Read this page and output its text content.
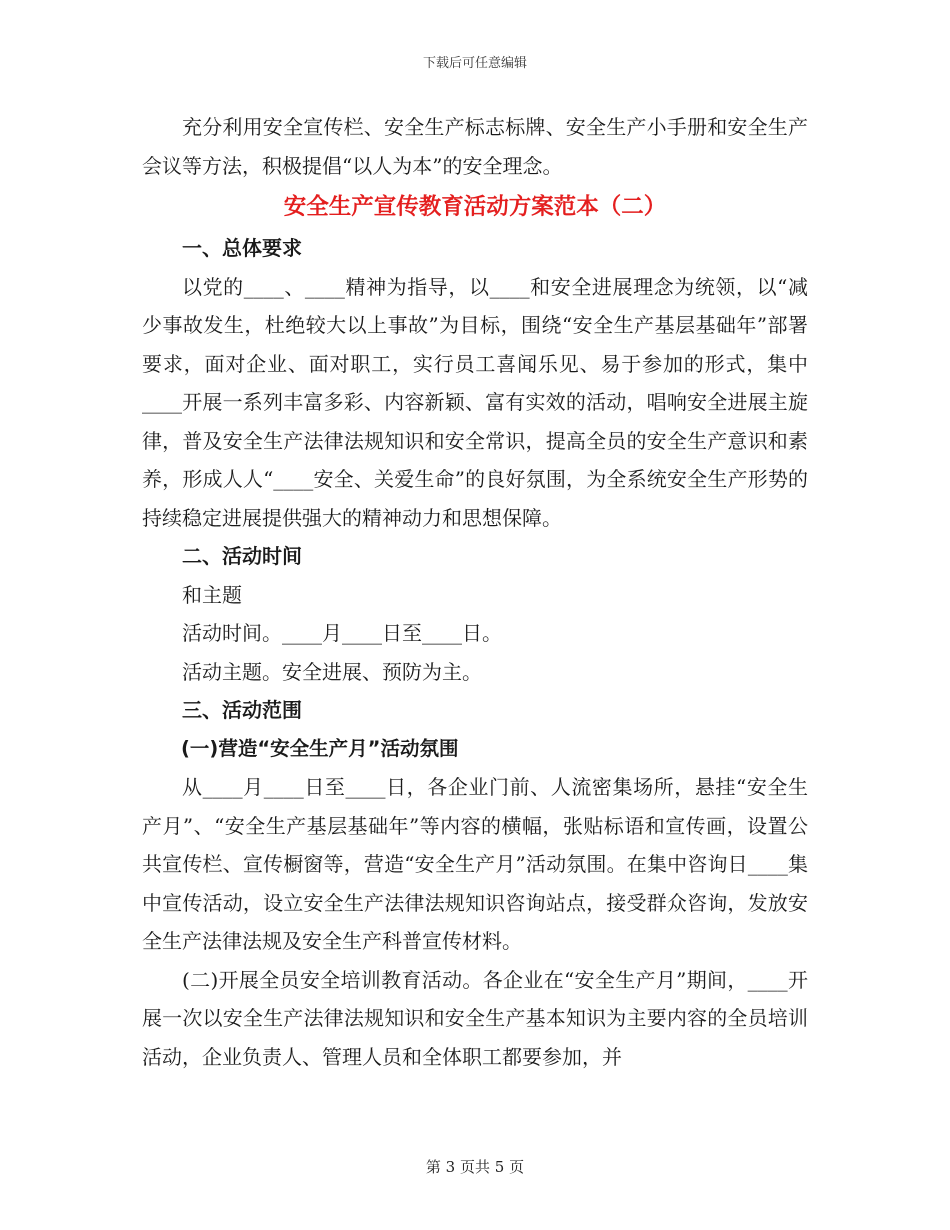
下载后可任意编辑

充分利用安全宣传栏、安全生产标志标牌、安全生产小手册和安全生产会议等方法，积极提倡“以人为本”的安全理念。

安全生产宣传教育活动方案范本（二）

一、总体要求

以党的____、____精神为指导，以____和安全进展理念为统领，以“减少事故发生，杜绝较大以上事故”为目标，围绕“安全生产基层基础年”部署要求，面对企业、面对职工，实行员工喜闻乐见、易于参加的形式，集中____开展一系列丰富多彩、内容新颖、富有实效的活动，唱响安全进展主旋律，普及安全生产法律法规知识和安全常识，提高全员的安全生产意识和素养，形成人人“____安全、关爱生命”的良好氛围，为全系统安全生产形势的持续稳定进展提供强大的精神动力和思想保障。

二、活动时间

和主题

活动时间。____月____日至____日。

活动主题。安全进展、预防为主。

三、活动范围

(一)营造“安全生产月”活动氛围

从____月____日至____日，各企业门前、人流密集场所，悬挂“安全生产月”、“安全生产基层基础年”等内容的横幅，张贴标语和宣传画，设置公共宣传栏、宣传橱窗等，营造“安全生产月”活动氛围。在集中咨询日____集中宣传活动，设立安全生产法律法规知识咨询站点，接受群众咨询，发放安全生产法律法规及安全生产科普宣传材料。

(二)开展全员安全培训教育活动。各企业在“安全生产月”期间，____开展一次以安全生产法律法规知识和安全生产基本知识为主要内容的全员培训活动，企业负责人、管理人员和全体职工都要参加，并

第 3 页共 5 页
